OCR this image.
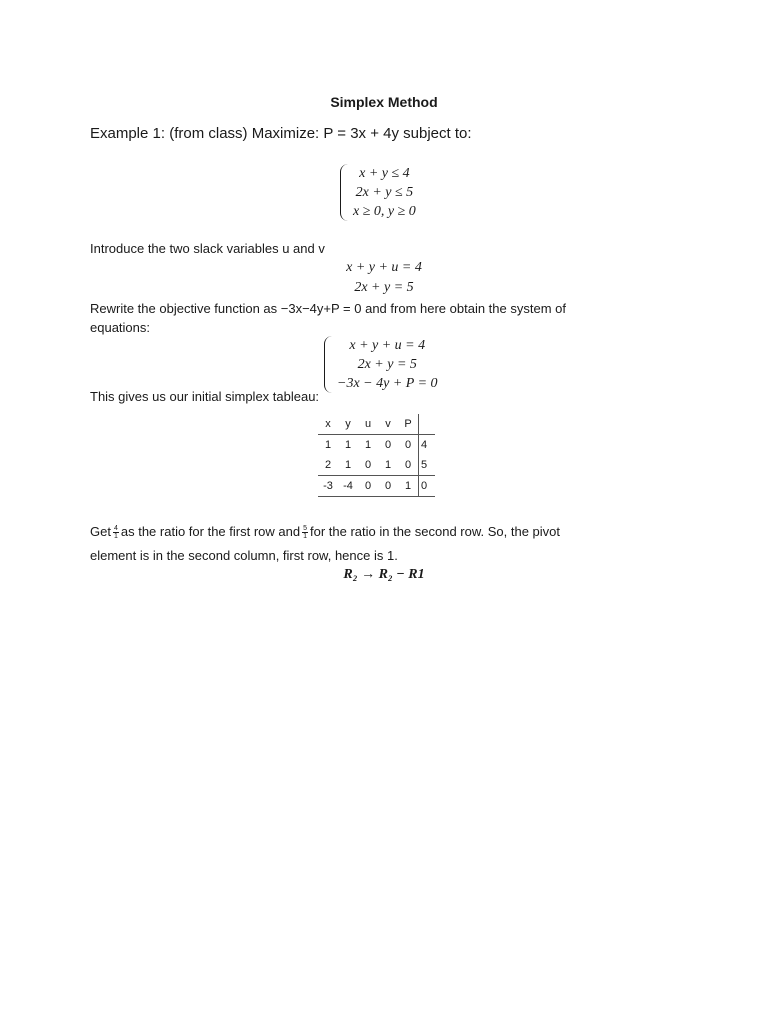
Simplex Method
Example 1: (from class) Maximize: P = 3x + 4y subject to:
x + y ≤ 4
2x + y ≤ 5
x ≥ 0, y ≥ 0
Introduce the two slack variables u and v
x + y + u = 4
2x + y = 5
Rewrite the objective function as −3x−4y+P = 0 and from here obtain the system of
equations:
x + y + u = 4
2x + y = 5
−3x − 4y + P = 0
This gives us our initial simplex tableau:
x	y	u	v	P	
1	1	1	0	0	4
2	1	0	1	0	5
-3	-4	0	0	1	0
Get $\frac{4}{1}$ as the ratio for the first row and $\frac{5}{1}$ for the ratio in the second row. So, the pivot
element is in the second column, first row, hence is 1.
R₂ → R₂ − R1
